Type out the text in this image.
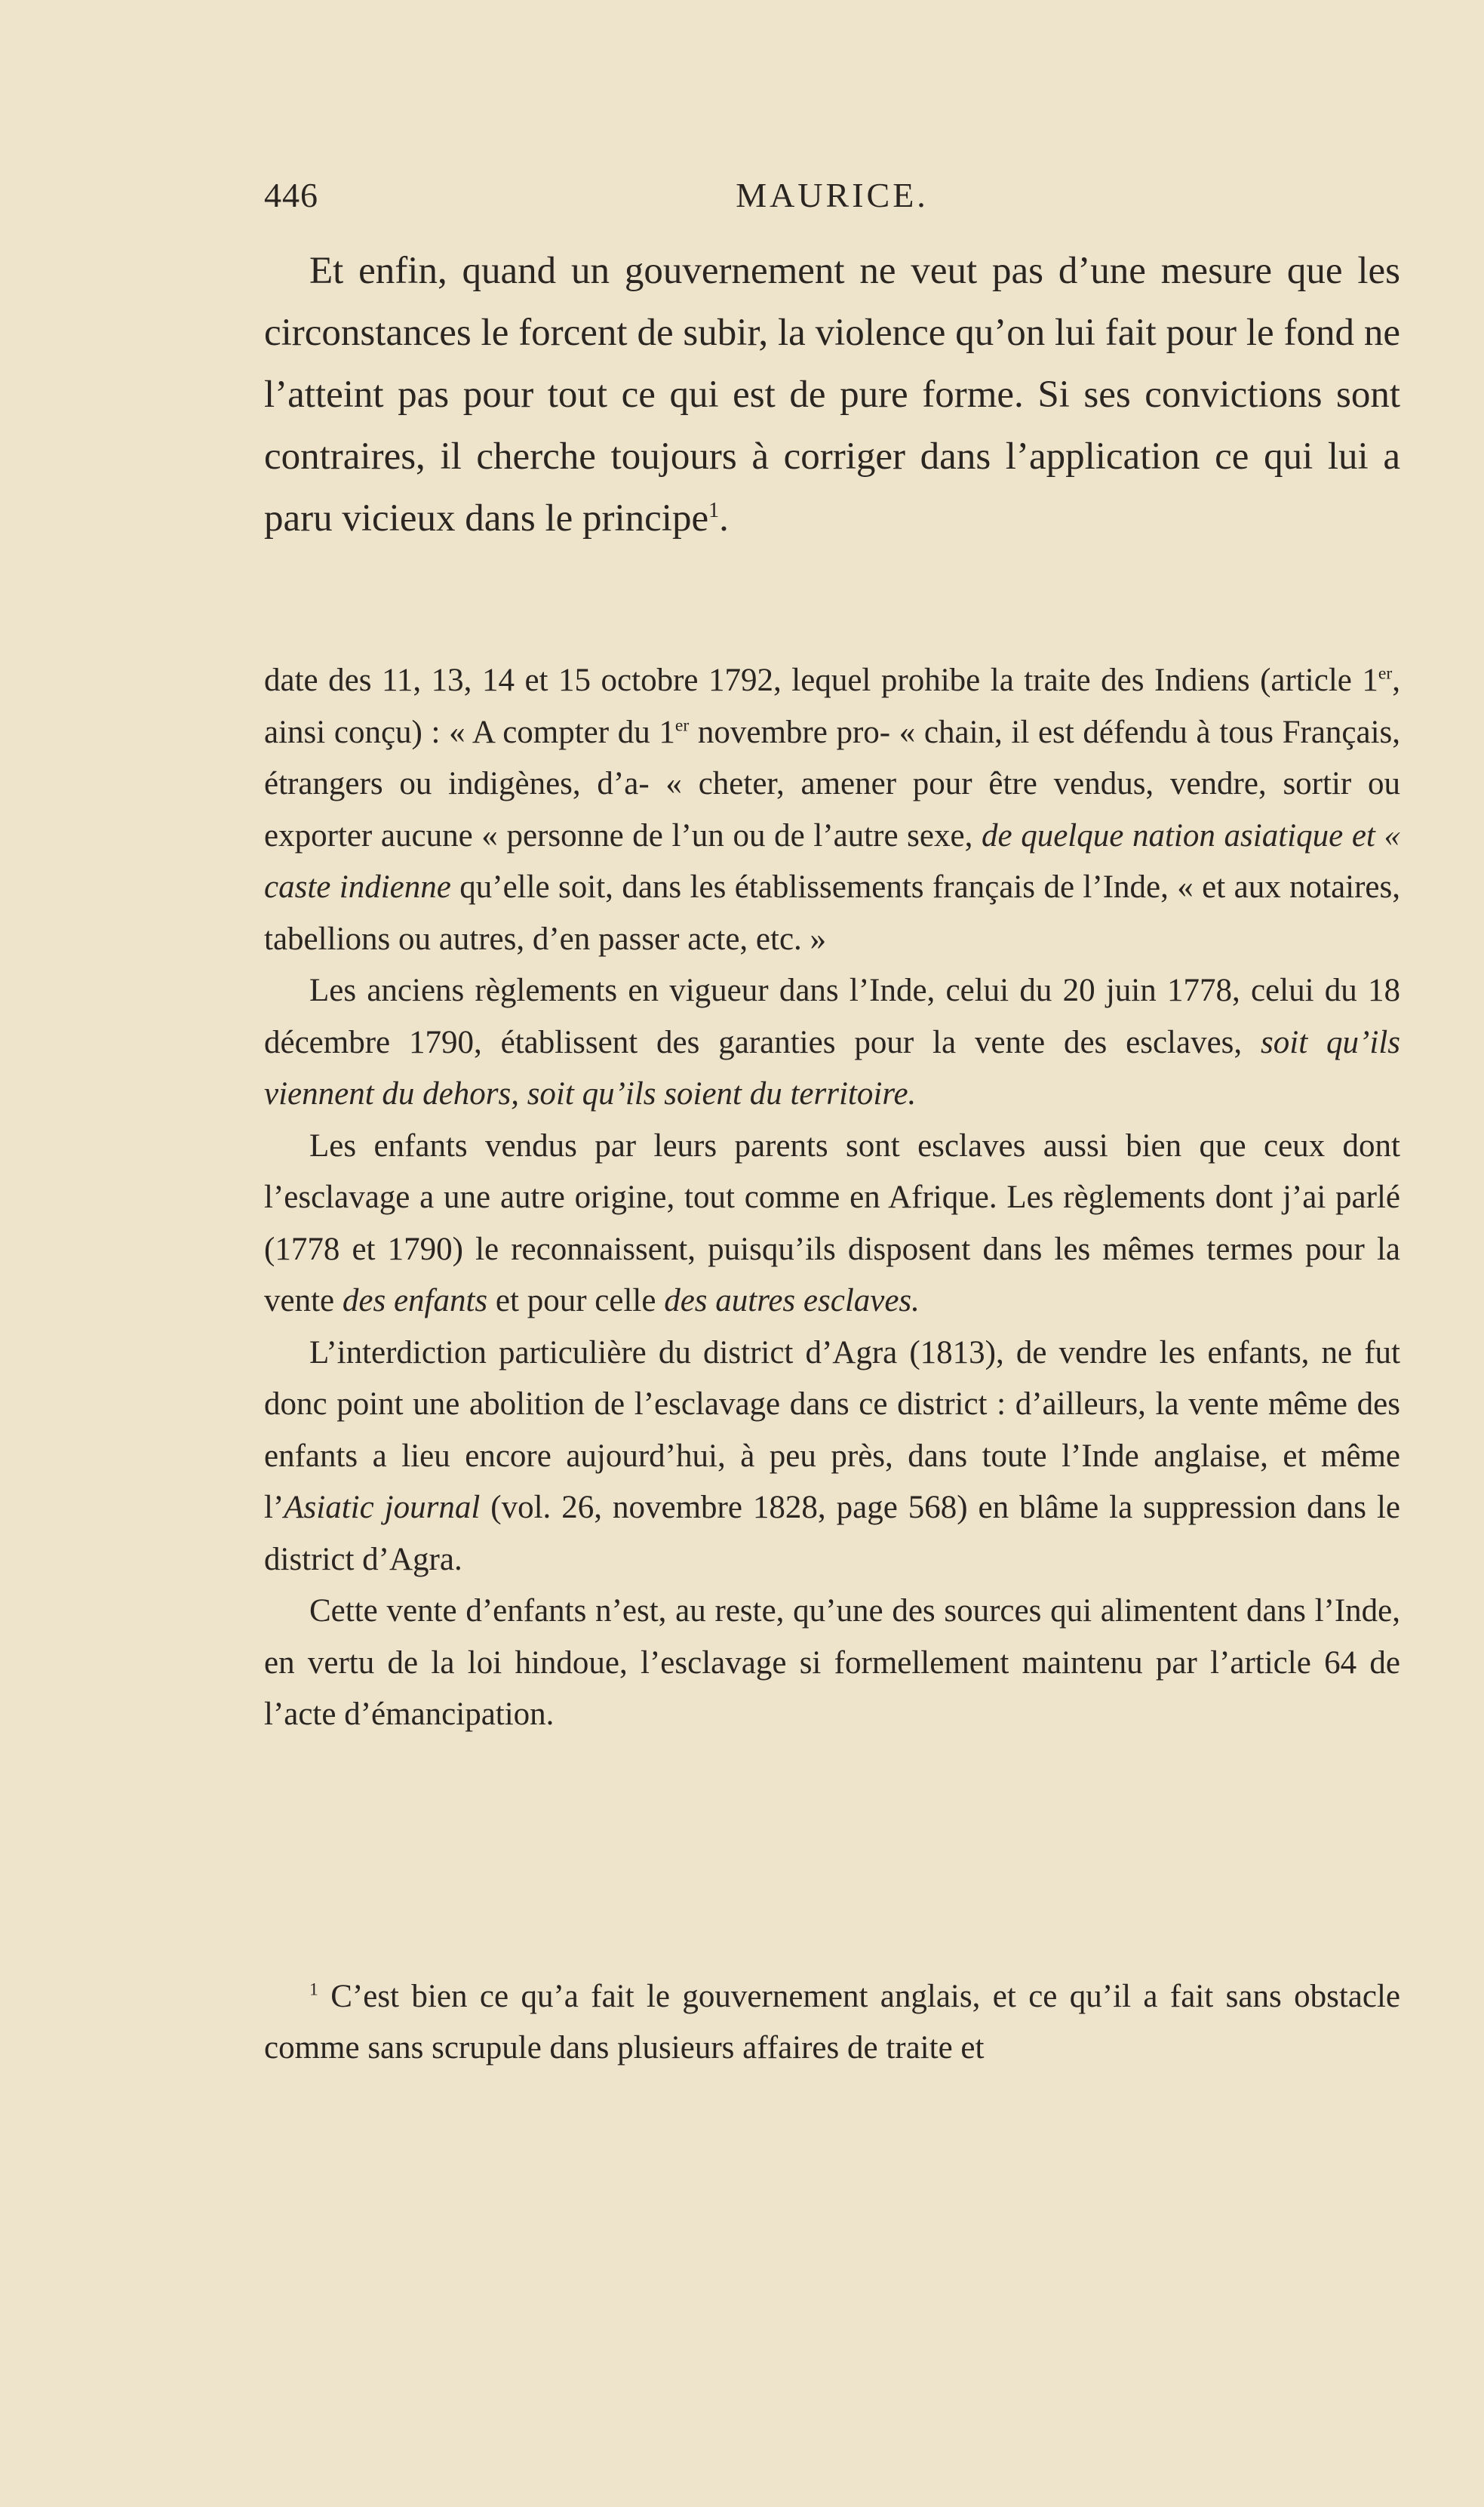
446	MAURICE.

Et enfin, quand un gouvernement ne veut pas d’une mesure que les circonstances le forcent de subir, la violence qu’on lui fait pour le fond ne l’atteint pas pour tout ce qui est de pure forme. Si ses convictions sont contraires, il cherche toujours à corriger dans l’application ce qui lui a paru vicieux dans le principe$^1$.

date des 11, 13, 14 et 15 octobre 1792, lequel prohibe la traite des Indiens (article 1er, ainsi conçu) : « A compter du 1er novembre pro- « chain, il est défendu à tous Français, étrangers ou indigènes, d’a- « cheter, amener pour être vendus, vendre, sortir ou exporter aucune « personne de l’un ou de l’autre sexe, de quelque nation asiatique et « caste indienne qu’elle soit, dans les établissements français de l’Inde, « et aux notaires, tabellions ou autres, d’en passer acte, etc. »

Les anciens règlements en vigueur dans l’Inde, celui du 20 juin 1778, celui du 18 décembre 1790, établissent des garanties pour la vente des esclaves, soit qu’ils viennent du dehors, soit qu’ils soient du territoire.

Les enfants vendus par leurs parents sont esclaves aussi bien que ceux dont l’esclavage a une autre origine, tout comme en Afrique. Les règlements dont j’ai parlé (1778 et 1790) le reconnaissent, puisqu’ils disposent dans les mêmes termes pour la vente des enfants et pour celle des autres esclaves.

L’interdiction particulière du district d’Agra (1813), de vendre les enfants, ne fut donc point une abolition de l’esclavage dans ce district : d’ailleurs, la vente même des enfants a lieu encore aujourd’hui, à peu près, dans toute l’Inde anglaise, et même l’Asiatic journal (vol. 26, novembre 1828, page 568) en blâme la suppression dans le district d’Agra.

Cette vente d’enfants n’est, au reste, qu’une des sources qui alimentent dans l’Inde, en vertu de la loi hindoue, l’esclavage si formellement maintenu par l’article 64 de l’acte d’émancipation.

$^1$ C’est bien ce qu’a fait le gouvernement anglais, et ce qu’il a fait sans obstacle comme sans scrupule dans plusieurs affaires de traite et
